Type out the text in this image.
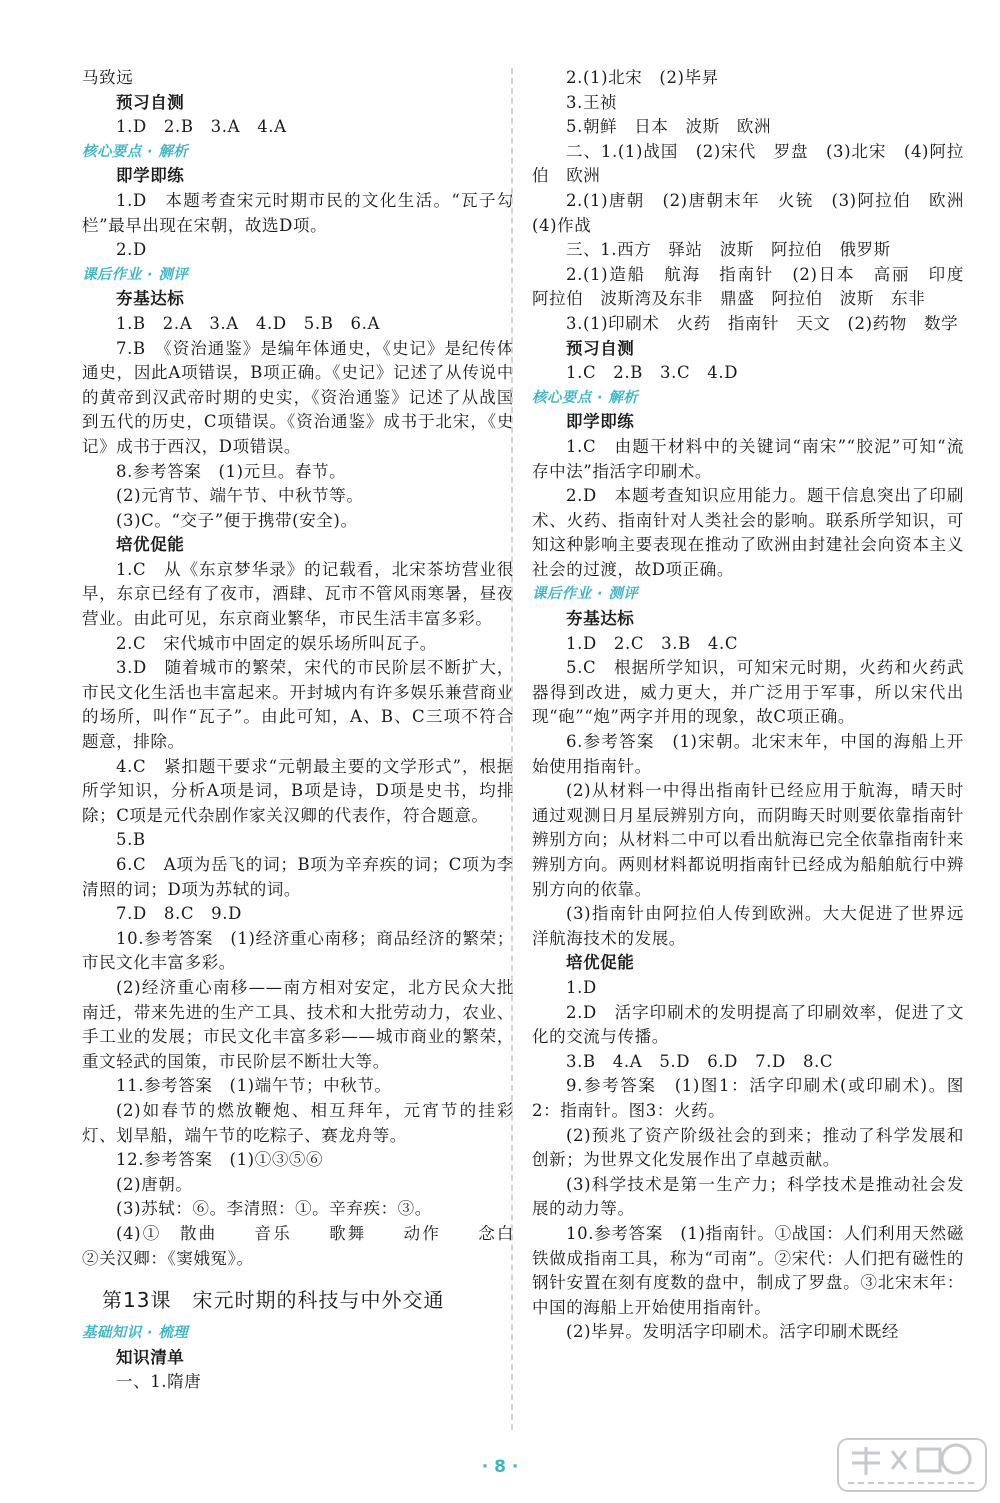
马致远

预习自测

1.D　2.B　3.A　4.A

核心要点 · 解析

即学即练

1.D　本题考查宋元时期市民的文化生活。“瓦子勾栏”最早出现在宋朝，故选D项。

2.D

课后作业 · 测评

夯基达标

1.B　2.A　3.A　4.D　5.B　6.A

7.B　《资治通鉴》是编年体通史，《史记》是纪传体通史，因此A项错误，B项正确。《史记》记述了从传说中的黄帝到汉武帝时期的史实，《资治通鉴》记述了从战国到五代的历史，C项错误。《资治通鉴》成书于北宋，《史记》成书于西汉，D项错误。

8.参考答案　(1)元旦。春节。

(2)元宵节、端午节、中秋节等。

(3)C。“交子”便于携带(安全)。

培优促能

1.C　从《东京梦华录》的记载看，北宋茶坊营业很早，东京已经有了夜市，酒肆、瓦市不管风雨寒暑，昼夜营业。由此可见，东京商业繁华，市民生活丰富多彩。

2.C　宋代城市中固定的娱乐场所叫瓦子。

3.D　随着城市的繁荣，宋代的市民阶层不断扩大，市民文化生活也丰富起来。开封城内有许多娱乐兼营商业的场所，叫作“瓦子”。由此可知，A、B、C三项不符合题意，排除。

4.C　紧扣题干要求“元朝最主要的文学形式”，根据所学知识，分析A项是词，B项是诗，D项是史书，均排除；C项是元代杂剧作家关汉卿的代表作，符合题意。

5.B

6.C　A项为岳飞的词；B项为辛弃疾的词；C项为李清照的词；D项为苏轼的词。

7.D　8.C　9.D

10.参考答案　(1)经济重心南移；商品经济的繁荣；市民文化丰富多彩。

(2)经济重心南移——南方相对安定，北方民众大批南迁，带来先进的生产工具、技术和大批劳动力，农业、手工业的发展；市民文化丰富多彩——城市商业的繁荣，重文轻武的国策，市民阶层不断壮大等。

11.参考答案　(1)端午节；中秋节。

(2)如春节的燃放鞭炮、相互拜年，元宵节的挂彩灯、划旱船，端午节的吃粽子、赛龙舟等。

12.参考答案　(1)①③⑤⑥

(2)唐朝。

(3)苏轼：⑥。李清照：①。辛弃疾：③。

(4)①　散曲　　音乐　　歌舞　　动作　　念白　②关汉卿：《窦娥冤》。

第13课　宋元时期的科技与中外交通

基础知识 · 梳理

知识清单

一、1.隋唐

2.(1)北宋　(2)毕昇

3.王祯

5.朝鲜　日本　波斯　欧洲

二、1.(1)战国　(2)宋代　罗盘　(3)北宋　(4)阿拉伯　欧洲

2.(1)唐朝　(2)唐朝末年　火铳　(3)阿拉伯　欧洲　(4)作战

三、1.西方　驿站　波斯　阿拉伯　俄罗斯

2.(1)造船　航海　指南针　(2)日本　高丽　印度　阿拉伯　波斯湾及东非　鼎盛　阿拉伯　波斯　东非

3.(1)印刷术　火药　指南针　天文　(2)药物　数学

预习自测

1.C　2.B　3.C　4.D

核心要点 · 解析

即学即练

1.C　由题干材料中的关键词“南宋”“胶泥”可知“流存中法”指活字印刷术。

2.D　本题考查知识应用能力。题干信息突出了印刷术、火药、指南针对人类社会的影响。联系所学知识，可知这种影响主要表现在推动了欧洲由封建社会向资本主义社会的过渡，故D项正确。

课后作业 · 测评

夯基达标

1.D　2.C　3.B　4.C

5.C　根据所学知识，可知宋元时期，火药和火药武器得到改进，威力更大，并广泛用于军事，所以宋代出现“砲”“炮”两字并用的现象，故C项正确。

6.参考答案　(1)宋朝。北宋末年，中国的海船上开始使用指南针。

(2)从材料一中得出指南针已经应用于航海，晴天时通过观测日月星辰辨别方向，而阴晦天时则要依靠指南针辨别方向；从材料二中可以看出航海已完全依靠指南针来辨别方向。两则材料都说明指南针已经成为船舶航行中辨别方向的依靠。

(3)指南针由阿拉伯人传到欧洲。大大促进了世界远洋航海技术的发展。

培优促能

1.D

2.D　活字印刷术的发明提高了印刷效率，促进了文化的交流与传播。

3.B　4.A　5.D　6.D　7.D　8.C

9.参考答案　(1)图1：活字印刷术(或印刷术)。图2：指南针。图3：火药。

(2)预兆了资产阶级社会的到来；推动了科学发展和创新；为世界文化发展作出了卓越贡献。

(3)科学技术是第一生产力；科学技术是推动社会发展的动力等。

10.参考答案　(1)指南针。①战国：人们利用天然磁铁做成指南工具，称为“司南”。②宋代：人们把有磁性的钢针安置在刻有度数的盘中，制成了罗盘。③北宋末年：中国的海船上开始使用指南针。

(2)毕昇。发明活字印刷术。活字印刷术既经

· 8 ·
